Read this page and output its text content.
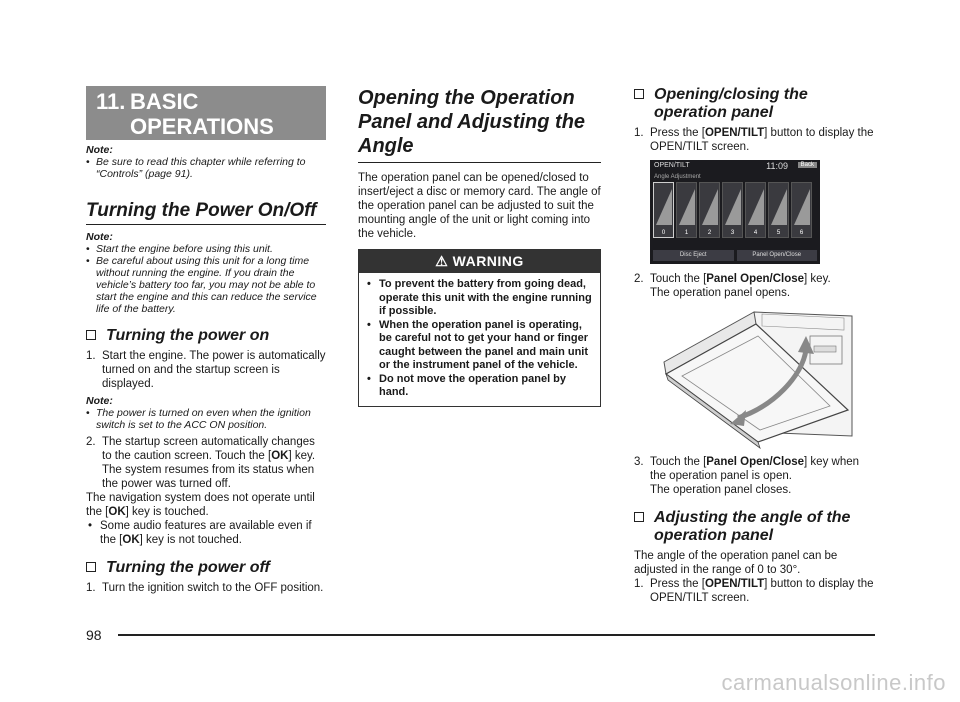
11. BASIC
OPERATIONS
Note:
• Be sure to read this chapter while referring to “Controls” (page 91).
Turning the Power On/Off
Note:
• Start the engine before using this unit.
• Be careful about using this unit for a long time without running the engine. If you drain the vehicle’s battery too far, you may not be able to start the engine and this can reduce the service life of the battery.
Turning the power on
1. Start the engine. The power is automatically turned on and the startup screen is displayed.
Note:
• The power is turned on even when the ignition switch is set to the ACC ON position.
2. The startup screen automatically changes to the caution screen. Touch the [OK] key.
The system resumes from its status when the power was turned off.

The navigation system does not operate until the [OK] key is touched.

• Some audio features are available even if the [OK] key is not touched.
Turning the power off
1. Turn the ignition switch to the OFF position.
Opening the Operation Panel and Adjusting the Angle

The operation panel can be opened/closed to insert/eject a disc or memory card. The angle of the operation panel can be adjusted to suit the mounting angle of the unit or light coming into the vehicle.

⚠ WARNING
• To prevent the battery from going dead, operate this unit with the engine running if possible.
• When the operation panel is operating, be careful not to get your hand or finger caught between the panel and main unit or the instrument panel of the vehicle.
• Do not move the operation panel by hand.
Opening/closing the operation panel
1. Press the [OPEN/TILT] button to display the OPEN/TILT screen.
OPEN/TILT	11:09	Back
Angle Adjustment
0	1	2	3	4	5	6
Disc Eject	Panel Open/Close
2. Touch the [Panel Open/Close] key.
The operation panel opens.
3. Touch the [Panel Open/Close] key when the operation panel is open.
The operation panel closes.
Adjusting the angle of the operation panel

The angle of the operation panel can be adjusted in the range of 0 to 30°.

1. Press the [OPEN/TILT] button to display the OPEN/TILT screen.
98
carmanualsonline.info
